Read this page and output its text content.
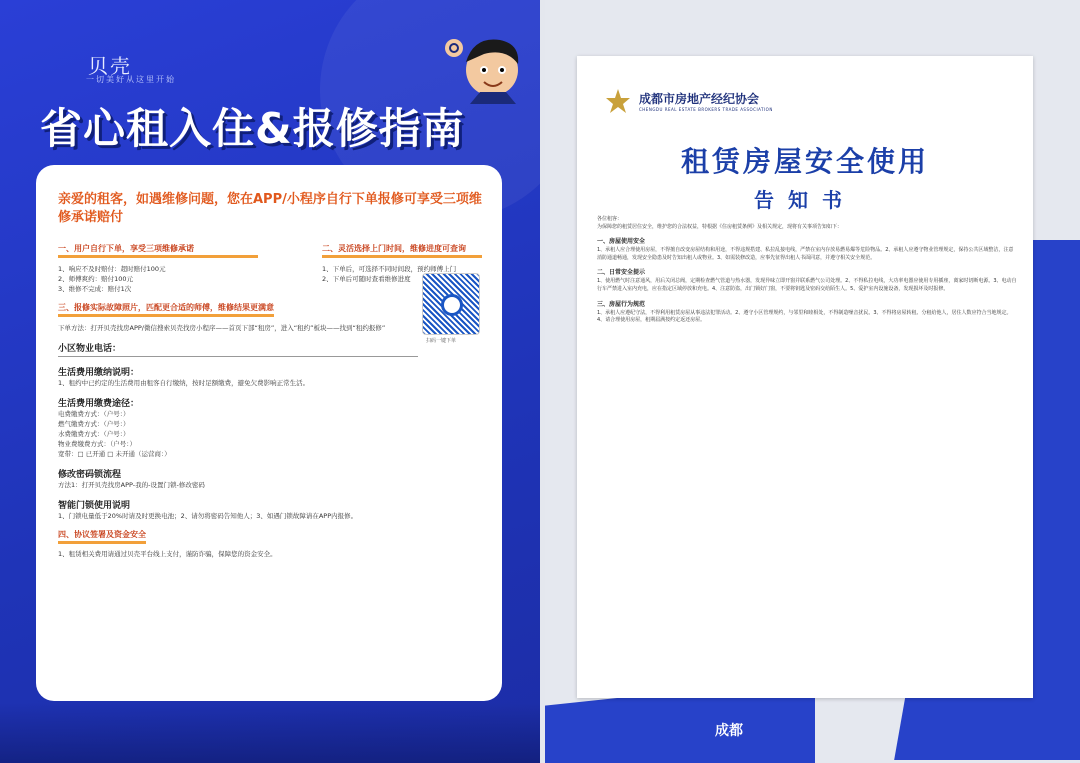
贝壳
一切美好从这里开始
省心租入住&报修指南
亲爱的租客，如遇维修问题，您在APP/小程序自行下单报修可享受三项维修承诺赔付
一、用户自行下单，享受三项维修承诺
1、响应不及时赔付：超时赔付100元
2、师傅爽约：赔付100元
3、维修不完成：赔付1次
二、灵活选择上门时间，维修进度可查询
1、下单后，可选择不同时间段，预约师傅上门
2、下单后可随时查看维修进度
三、报修实际故障照片，匹配更合适的师傅，维修结果更满意
下单方法：打开贝壳找房APP/微信搜索贝壳找房小程序——首页下部“租房”，进入“租约”板块——找到“租约报修”
小区物业电话：
生活费用缴纳说明：
1、租约中已约定的生活费用由租客自行缴纳，按时足额缴费，避免欠费影响正常生活。
生活费用缴费途径：
电费缴费方式：（户号：）
燃气缴费方式：（户号：）
水费缴费方式：（户号：）
物业费缴费方式：（户号：）
宽带：□ 已开通 □ 未开通（运营商：）
修改密码锁流程
方法1：打开贝壳找房APP-我的-设置门锁-修改密码
智能门锁使用说明
1、门锁电量低于20%时请及时更换电池；2、请勿将密码告知他人；3、如遇门锁故障请在APP内报修。
四、协议签署及资金安全
1、租赁相关费用请通过贝壳平台线上支付，谨防诈骗，保障您的资金安全。
扫码一键下单
成都市房地产经纪协会
CHENGDU REAL ESTATE BROKERS TRADE ASSOCIATION
租赁房屋安全使用
告知书

各位租客：

为保障您的租赁居住安全，维护您的合法权益，特根据《住房租赁条例》及相关规定，现将有关事项告知如下：

一、房屋使用安全

1、承租人应合理使用房屋，不得擅自改变房屋结构和用途，不得违规搭建、私拉乱接电线，严禁在室内存放易燃易爆等危险物品。2、承租人应遵守物业管理规定，保持公共区域整洁，注意消防通道畅通，发现安全隐患及时告知出租人或物业。3、如需装修改造，应事先征得出租人书面同意，并遵守相关安全规范。

二、日常安全提示

1、使用燃气时注意通风，用后关闭总阀，定期检查燃气管道与热水器，发现异味立即开窗并联系燃气公司处理。2、不得私拉电线，大功率电器应使用专用插座，离家时切断电源。3、电动自行车严禁进入室内充电，应在指定区域停放和充电。4、注意防盗，出门锁好门窗，不要将钥匙及密码交给陌生人。5、爱护室内设施设备，发现损坏及时报修。

三、房屋行为规范

1、承租人应遵纪守法，不得利用租赁房屋从事违法犯罪活动。2、遵守小区管理规约，与邻里和睦相处，不得制造噪音扰民。3、不得将房屋转租、分租给他人，居住人数应符合当地规定。4、请合理使用房屋，租期届满按约定返还房屋。

成都
